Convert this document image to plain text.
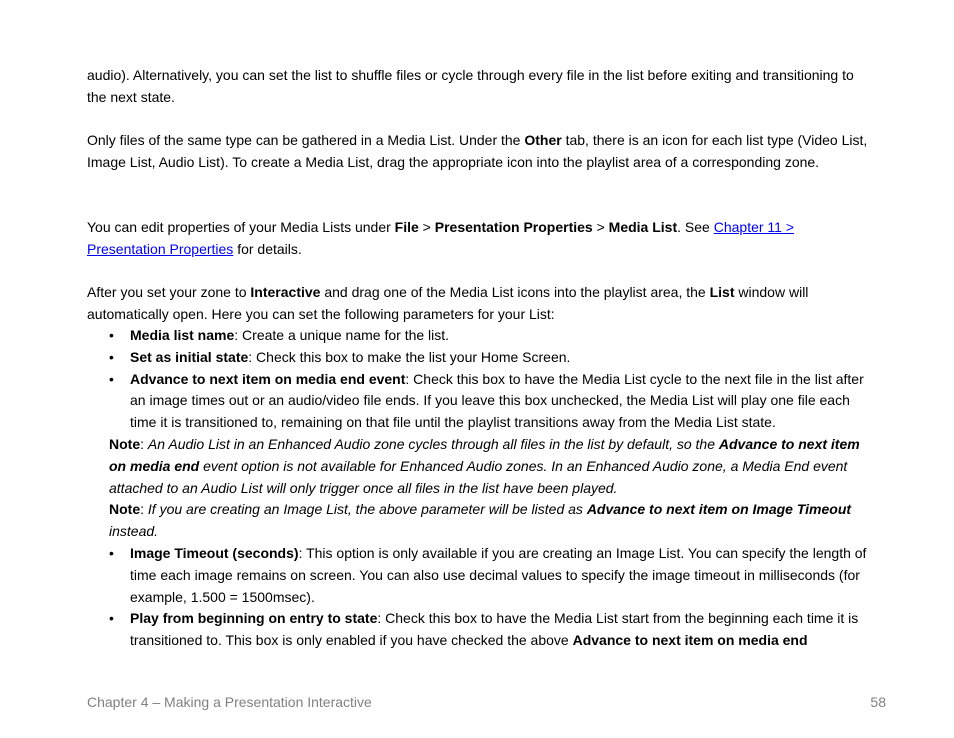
audio). Alternatively, you can set the list to shuffle files or cycle through every file in the list before exiting and transitioning to the next state.

Only files of the same type can be gathered in a Media List. Under the Other tab, there is an icon for each list type (Video List, Image List, Audio List). To create a Media List, drag the appropriate icon into the playlist area of a corresponding zone.

You can edit properties of your Media Lists under File > Presentation Properties > Media List. See Chapter 11 > Presentation Properties for details.

After you set your zone to Interactive and drag one of the Media List icons into the playlist area, the List window will automatically open. Here you can set the following parameters for your List:

• Media list name: Create a unique name for the list.
• Set as initial state: Check this box to make the list your Home Screen.
• Advance to next item on media end event: Check this box to have the Media List cycle to the next file in the list after an image times out or an audio/video file ends. If you leave this box unchecked, the Media List will play one file each time it is transitioned to, remaining on that file until the playlist transitions away from the Media List state.
Note: An Audio List in an Enhanced Audio zone cycles through all files in the list by default, so the Advance to next item on media end event option is not available for Enhanced Audio zones. In an Enhanced Audio zone, a Media End event attached to an Audio List will only trigger once all files in the list have been played.
Note: If you are creating an Image List, the above parameter will be listed as Advance to next item on Image Timeout instead.
• Image Timeout (seconds): This option is only available if you are creating an Image List. You can specify the length of time each image remains on screen. You can also use decimal values to specify the image timeout in milliseconds (for example, 1.500 = 1500msec).
• Play from beginning on entry to state: Check this box to have the Media List start from the beginning each time it is transitioned to. This box is only enabled if you have checked the above Advance to next item on media end
Chapter 4 – Making a Presentation Interactive	58
